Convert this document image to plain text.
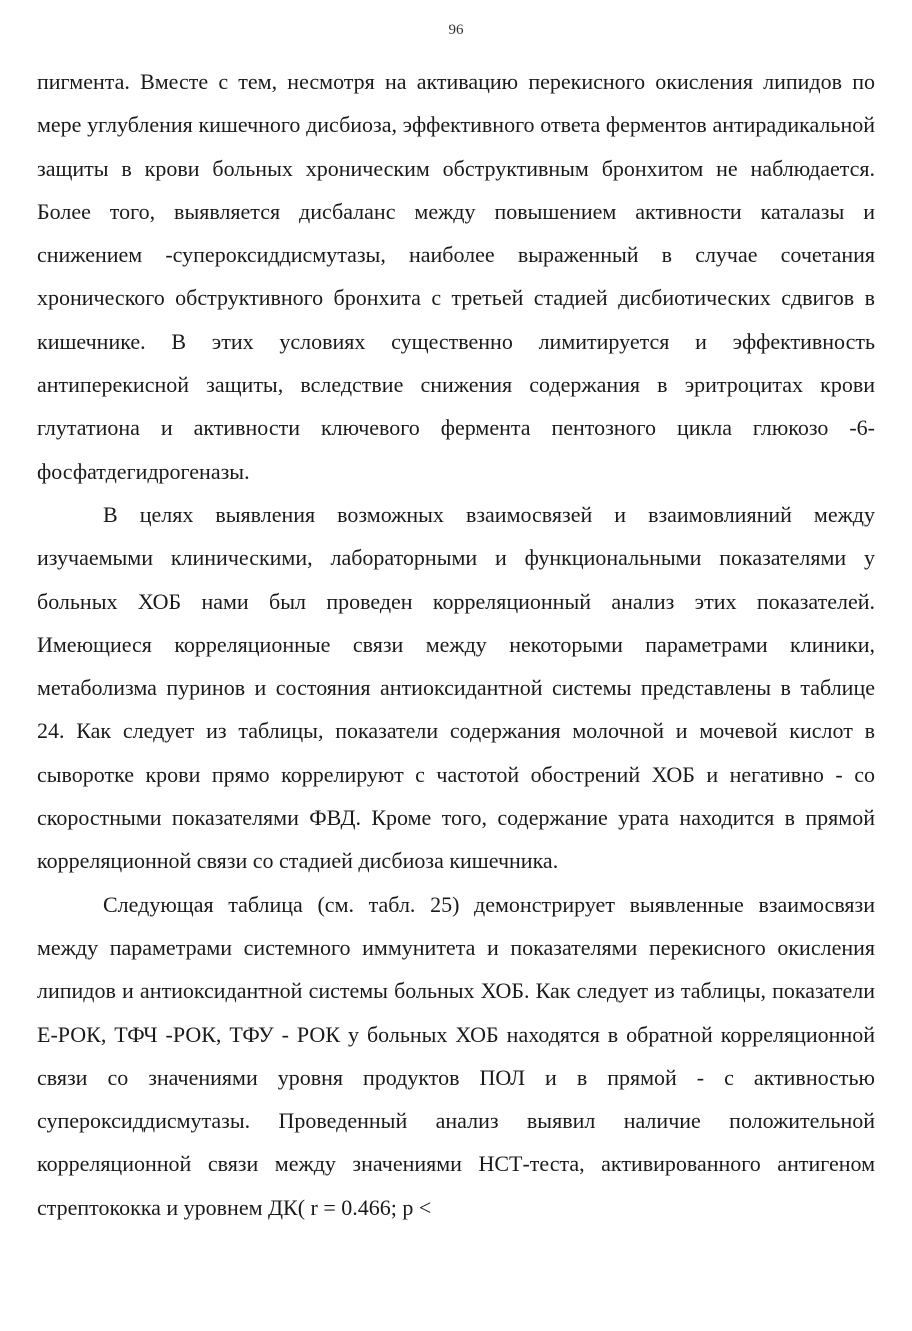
96

пигмента. Вместе с тем, несмотря на активацию перекисного окисления липидов по мере углубления кишечного дисбиоза, эффективного ответа ферментов антирадикальной защиты в крови больных хроническим обструктивным бронхитом не наблюдается. Более того, выявляется дисбаланс между повышением активности каталазы и снижением -супероксиддисмутазы, наиболее выраженный в случае сочетания хронического обструктивного бронхита с третьей стадией дисбиотических сдвигов в кишечнике. В этих условиях существенно лимитируется и эффективность антиперекисной защиты, вследствие снижения содержания в эритроцитах крови глутатиона и активности ключевого фермента пентозного цикла глюкозо -6-фосфатдегидрогеназы.

В целях выявления возможных взаимосвязей и взаимовлияний между изучаемыми клиническими, лабораторными и функциональными показателями у больных ХОБ нами был проведен корреляционный анализ этих показателей. Имеющиеся корреляционные связи между некоторыми параметрами клиники, метаболизма пуринов и состояния антиоксидантной системы представлены в таблице 24. Как следует из таблицы, показатели содержания молочной и мочевой кислот в сыворотке крови прямо коррелируют с частотой обострений ХОБ и негативно - со скоростными показателями ФВД. Кроме того, содержание урата находится в прямой корреляционной связи со стадией дисбиоза кишечника.

Следующая таблица (см. табл. 25) демонстрирует выявленные взаимосвязи между параметрами системного иммунитета и показателями перекисного окисления липидов и антиоксидантной системы больных ХОБ. Как следует из таблицы, показатели Е-РОК, ТФЧ -РОК, ТФУ - РОК у больных ХОБ находятся в обратной корреляционной связи со значениями уровня продуктов ПОЛ и в прямой - с активностью супероксиддисмутазы. Проведенный анализ выявил наличие положительной корреляционной связи между значениями НСТ-теста, активированного антигеном стрептококка и уровнем ДК( r = 0.466; p <
